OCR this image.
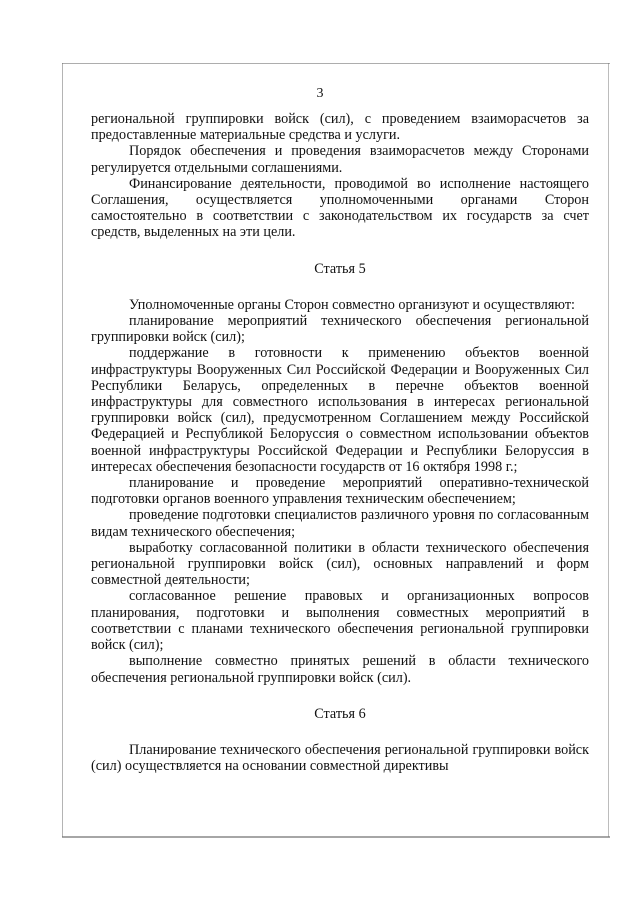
3

региональной группировки войск (сил), с проведением взаиморасчетов за предоставленные материальные средства и услуги.

Порядок обеспечения и проведения взаиморасчетов между Сторонами регулируется отдельными соглашениями.

Финансирование деятельности, проводимой во исполнение настоящего Соглашения, осуществляется уполномоченными органами Сторон самостоятельно в соответствии с законодательством их государств за счет средств, выделенных на эти цели.

Статья 5

Уполномоченные органы Сторон совместно организуют и осуществляют:

планирование мероприятий технического обеспечения региональной группировки войск (сил);

поддержание в готовности к применению объектов военной инфраструктуры Вооруженных Сил Российской Федерации и Вооруженных Сил Республики Беларусь, определенных в перечне объектов военной инфраструктуры для совместного использования в интересах региональной группировки войск (сил), предусмотренном Соглашением между Российской Федерацией и Республикой Белоруссия о совместном использовании объектов военной инфраструктуры Российской Федерации и Республики Белоруссия в интересах обеспечения безопасности государств от 16 октября 1998 г.;

планирование и проведение мероприятий оперативно-технической подготовки органов военного управления техническим обеспечением;

проведение подготовки специалистов различного уровня по согласованным видам технического обеспечения;

выработку согласованной политики в области технического обеспечения региональной группировки войск (сил), основных направлений и форм совместной деятельности;

согласованное решение правовых и организационных вопросов планирования, подготовки и выполнения совместных мероприятий в соответствии с планами технического обеспечения региональной группировки войск (сил);

выполнение совместно принятых решений в области технического обеспечения региональной группировки войск (сил).

Статья 6

Планирование технического обеспечения региональной группировки войск (сил) осуществляется на основании совместной директивы
